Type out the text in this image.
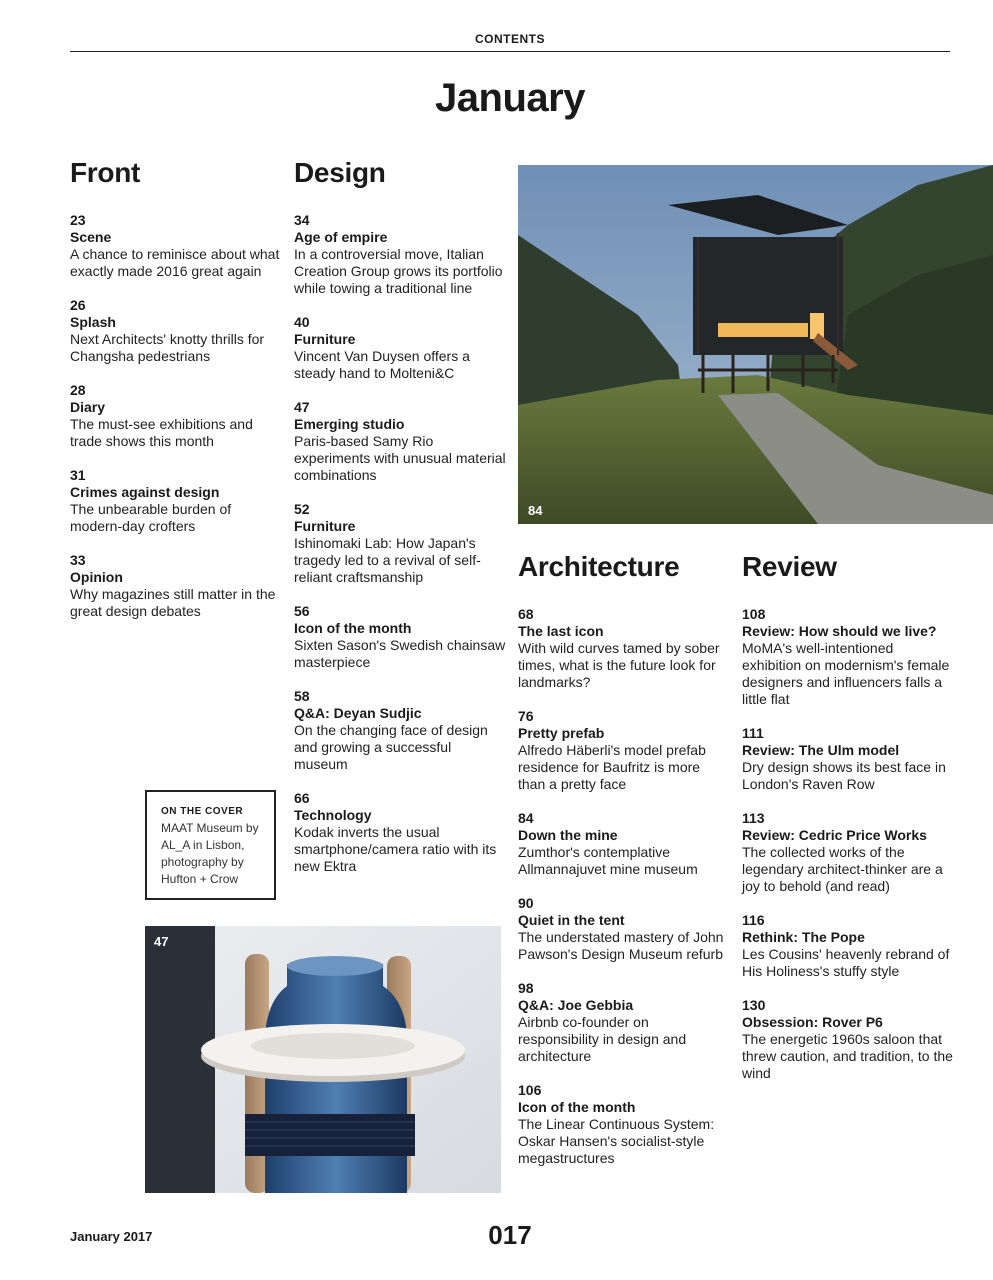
CONTENTS
January
Front
23
Scene
A chance to reminisce about what exactly made 2016 great again
26
Splash
Next Architects' knotty thrills for Changsha pedestrians
28
Diary
The must-see exhibitions and trade shows this month
31
Crimes against design
The unbearable burden of modern-day crofters
33
Opinion
Why magazines still matter in the great design debates
Design
34
Age of empire
In a controversial move, Italian Creation Group grows its portfolio while towing a traditional line
40
Furniture
Vincent Van Duysen offers a steady hand to Molteni&C
47
Emerging studio
Paris-based Samy Rio experiments with unusual material combinations
52
Furniture
Ishinomaki Lab: How Japan's tragedy led to a revival of self-reliant craftsmanship
56
Icon of the month
Sixten Sason's Swedish chainsaw masterpiece
58
Q&A: Deyan Sudjic
On the changing face of design and growing a successful museum
66
Technology
Kodak inverts the usual smartphone/camera ratio with its new Ektra
Architecture
68
The last icon
With wild curves tamed by sober times, what is the future look for landmarks?
76
Pretty prefab
Alfredo Häberli's model prefab residence for Baufritz is more than a pretty face
84
Down the mine
Zumthor's contemplative Allmannajuvet mine museum
90
Quiet in the tent
The understated mastery of John Pawson's Design Museum refurb
98
Q&A: Joe Gebbia
Airbnb co-founder on responsibility in design and architecture
106
Icon of the month
The Linear Continuous System: Oskar Hansen's socialist-style megastructures
Review
108
Review: How should we live?
MoMA's well-intentioned exhibition on modernism's female designers and influencers falls a little flat
111
Review: The Ulm model
Dry design shows its best face in London's Raven Row
113
Review: Cedric Price Works
The collected works of the legendary architect-thinker are a joy to behold (and read)
116
Rethink: The Pope
Les Cousins' heavenly rebrand of His Holiness's stuffy style
130
Obsession: Rover P6
The energetic 1960s saloon that threw caution, and tradition, to the wind
84
ON THE COVER
MAAT Museum by AL_A in Lisbon, photography by Hufton + Crow
47
January 2017	017
